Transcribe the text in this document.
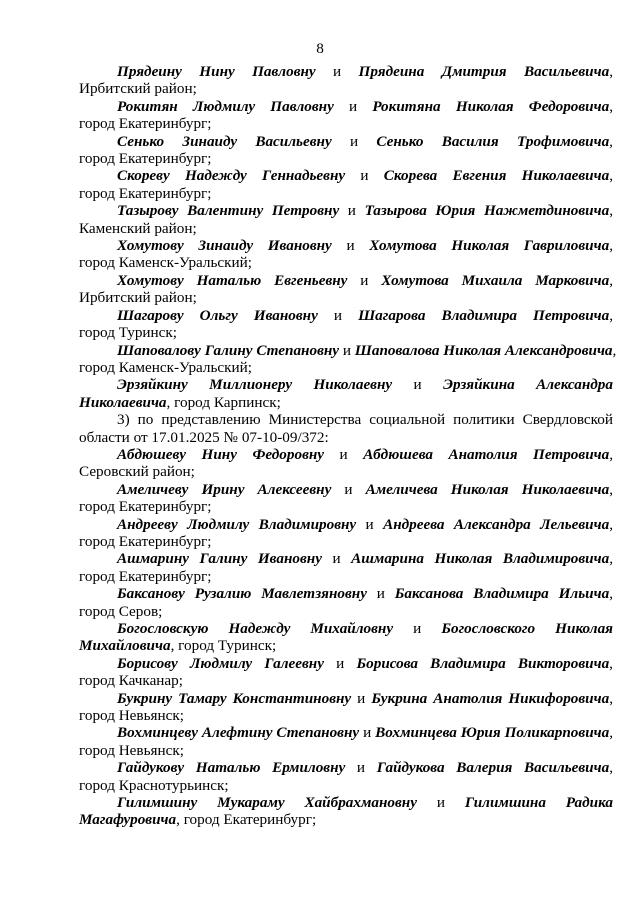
8
Прядеину Нину Павловну и Прядеина Дмитрия Васильевича,
Ирбитский район;
Рокитян Людмилу Павловну и Рокитяна Николая Федоровича,
город Екатеринбург;
Сенько Зинаиду Васильевну и Сенько Василия Трофимовича,
город Екатеринбург;
Скореву Надежду Геннадьевну и Скорева Евгения Николаевича,
город Екатеринбург;
Тазырову Валентину Петровну и Тазырова Юрия Нажметдиновича,
Каменский район;
Хомутову Зинаиду Ивановну и Хомутова Николая Гавриловича,
город Каменск-Уральский;
Хомутову Наталью Евгеньевну и Хомутова Михаила Марковича,
Ирбитский район;
Шагарову Ольгу Ивановну и Шагарова Владимира Петровича,
город Туринск;
Шаповалову Галину Степановну и Шаповалова Николая Александровича,
город Каменск-Уральский;
Эрзяйкину Миллионеру Николаевну и Эрзяйкина Александра
Николаевича, город Карпинск;
3) по представлению Министерства социальной политики Свердловской
области от 17.01.2025 № 07-10-09/372:
Абдюшеву Нину Федоровну и Абдюшева Анатолия Петровича,
Серовский район;
Амеличеву Ирину Алексеевну и Амеличева Николая Николаевича,
город Екатеринбург;
Андрееву Людмилу Владимировну и Андреева Александра Лельевича,
город Екатеринбург;
Ашмарину Галину Ивановну и Ашмарина Николая Владимировича,
город Екатеринбург;
Баксанову Рузалию Мавлетзяновну и Баксанова Владимира Ильича,
город Серов;
Богословскую Надежду Михайловну и Богословского Николая
Михайловича, город Туринск;
Борисову Людмилу Галеевну и Борисова Владимира Викторовича,
город Качканар;
Букрину Тамару Константиновну и Букрина Анатолия Никифоровича,
город Невьянск;
Вохминцеву Алефтину Степановну и Вохминцева Юрия Поликарповича,
город Невьянск;
Гайдукову Наталью Ермиловну и Гайдукова Валерия Васильевича,
город Краснотурьинск;
Гилимшину Мукараму Хайбрахмановну и Гилимшина Радика
Магафуровича, город Екатеринбург;
